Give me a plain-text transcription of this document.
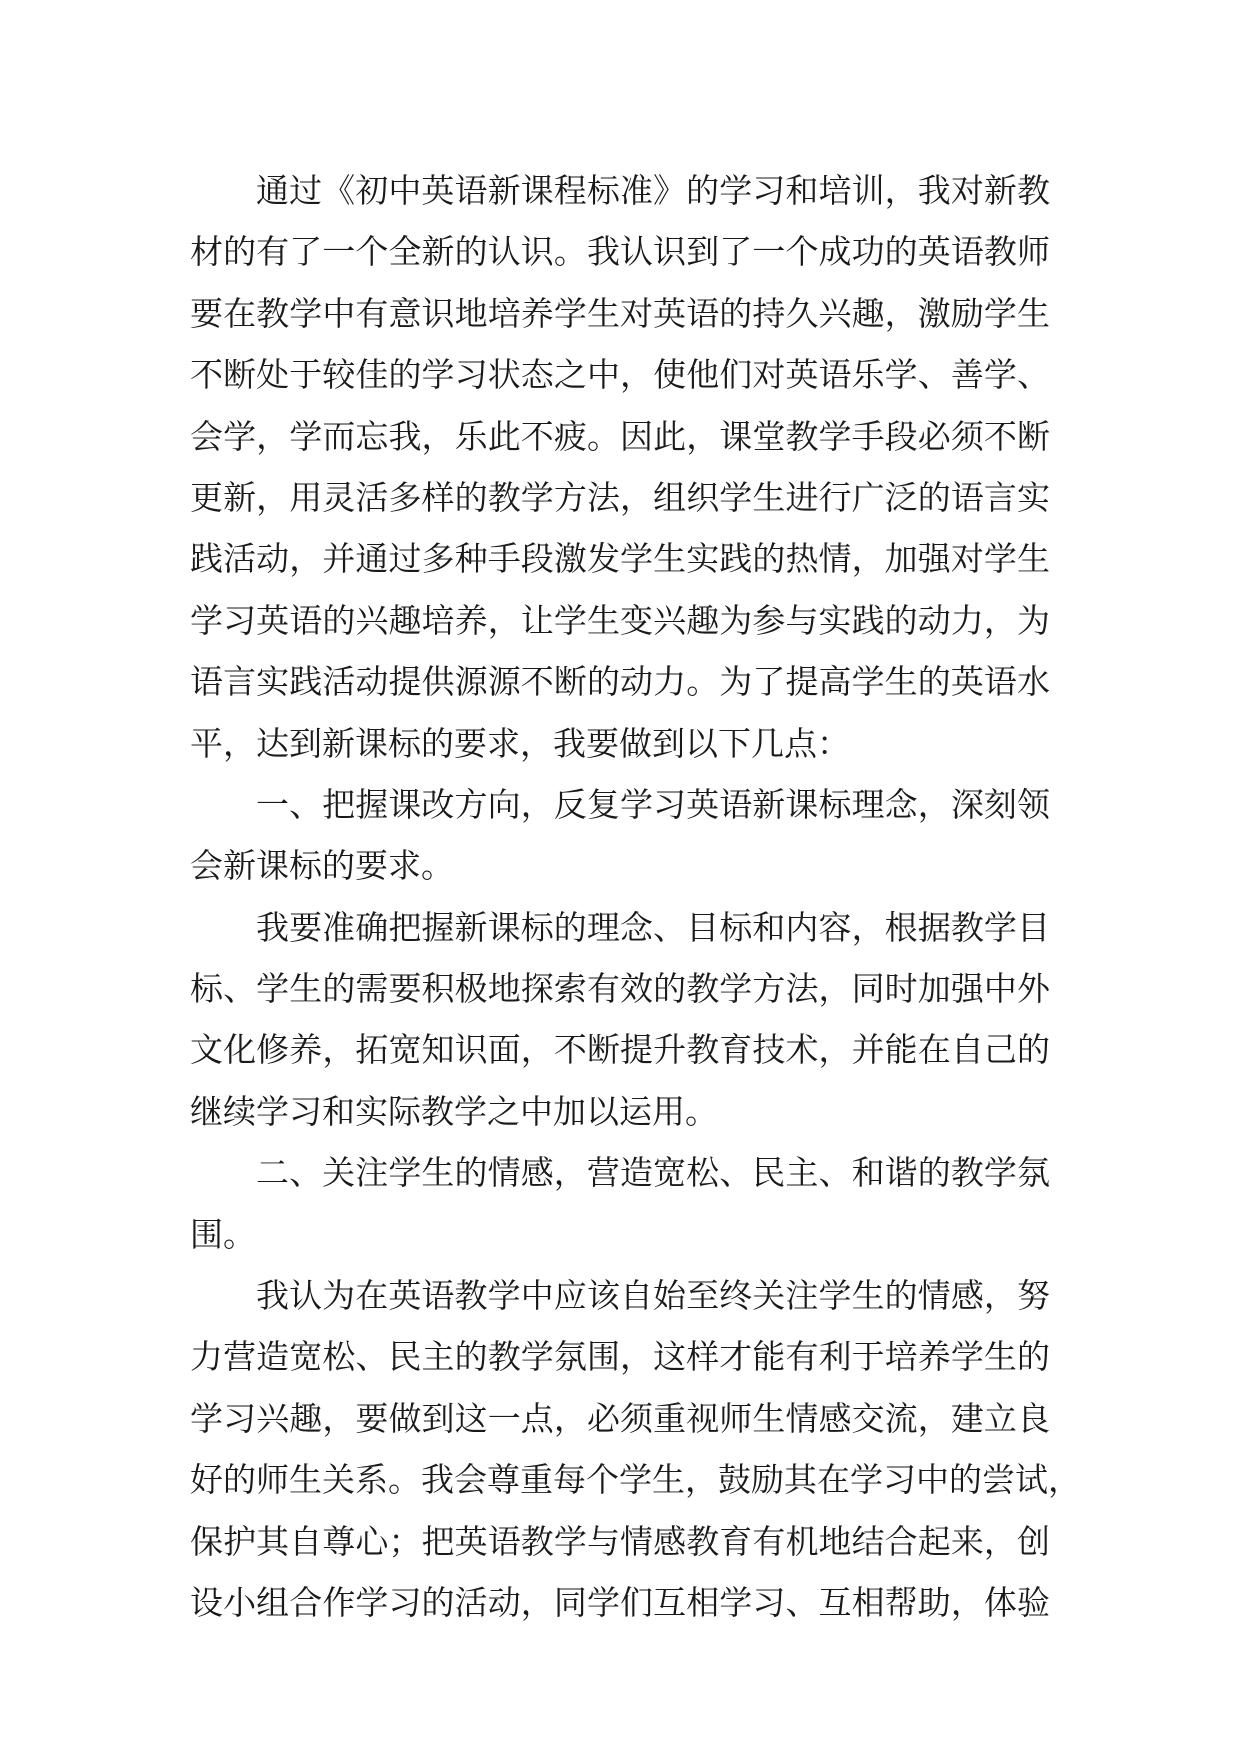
通过《初中英语新课程标准》的学习和培训，我对新教
材的有了一个全新的认识。我认识到了一个成功的英语教师
要在教学中有意识地培养学生对英语的持久兴趣，激励学生
不断处于较佳的学习状态之中，使他们对英语乐学、善学、
会学，学而忘我，乐此不疲。因此，课堂教学手段必须不断
更新，用灵活多样的教学方法，组织学生进行广泛的语言实
践活动，并通过多种手段激发学生实践的热情，加强对学生
学习英语的兴趣培养，让学生变兴趣为参与实践的动力，为
语言实践活动提供源源不断的动力。为了提高学生的英语水
平，达到新课标的要求，我要做到以下几点：
一、把握课改方向，反复学习英语新课标理念，深刻领
会新课标的要求。
我要准确把握新课标的理念、目标和内容，根据教学目
标、学生的需要积极地探索有效的教学方法，同时加强中外
文化修养，拓宽知识面，不断提升教育技术，并能在自己的
继续学习和实际教学之中加以运用。
二、关注学生的情感，营造宽松、民主、和谐的教学氛
围。
我认为在英语教学中应该自始至终关注学生的情感，努
力营造宽松、民主的教学氛围，这样才能有利于培养学生的
学习兴趣，要做到这一点，必须重视师生情感交流，建立良
好的师生关系。我会尊重每个学生，鼓励其在学习中的尝试，
保护其自尊心；把英语教学与情感教育有机地结合起来，创
设小组合作学习的活动，同学们互相学习、互相帮助，体验
